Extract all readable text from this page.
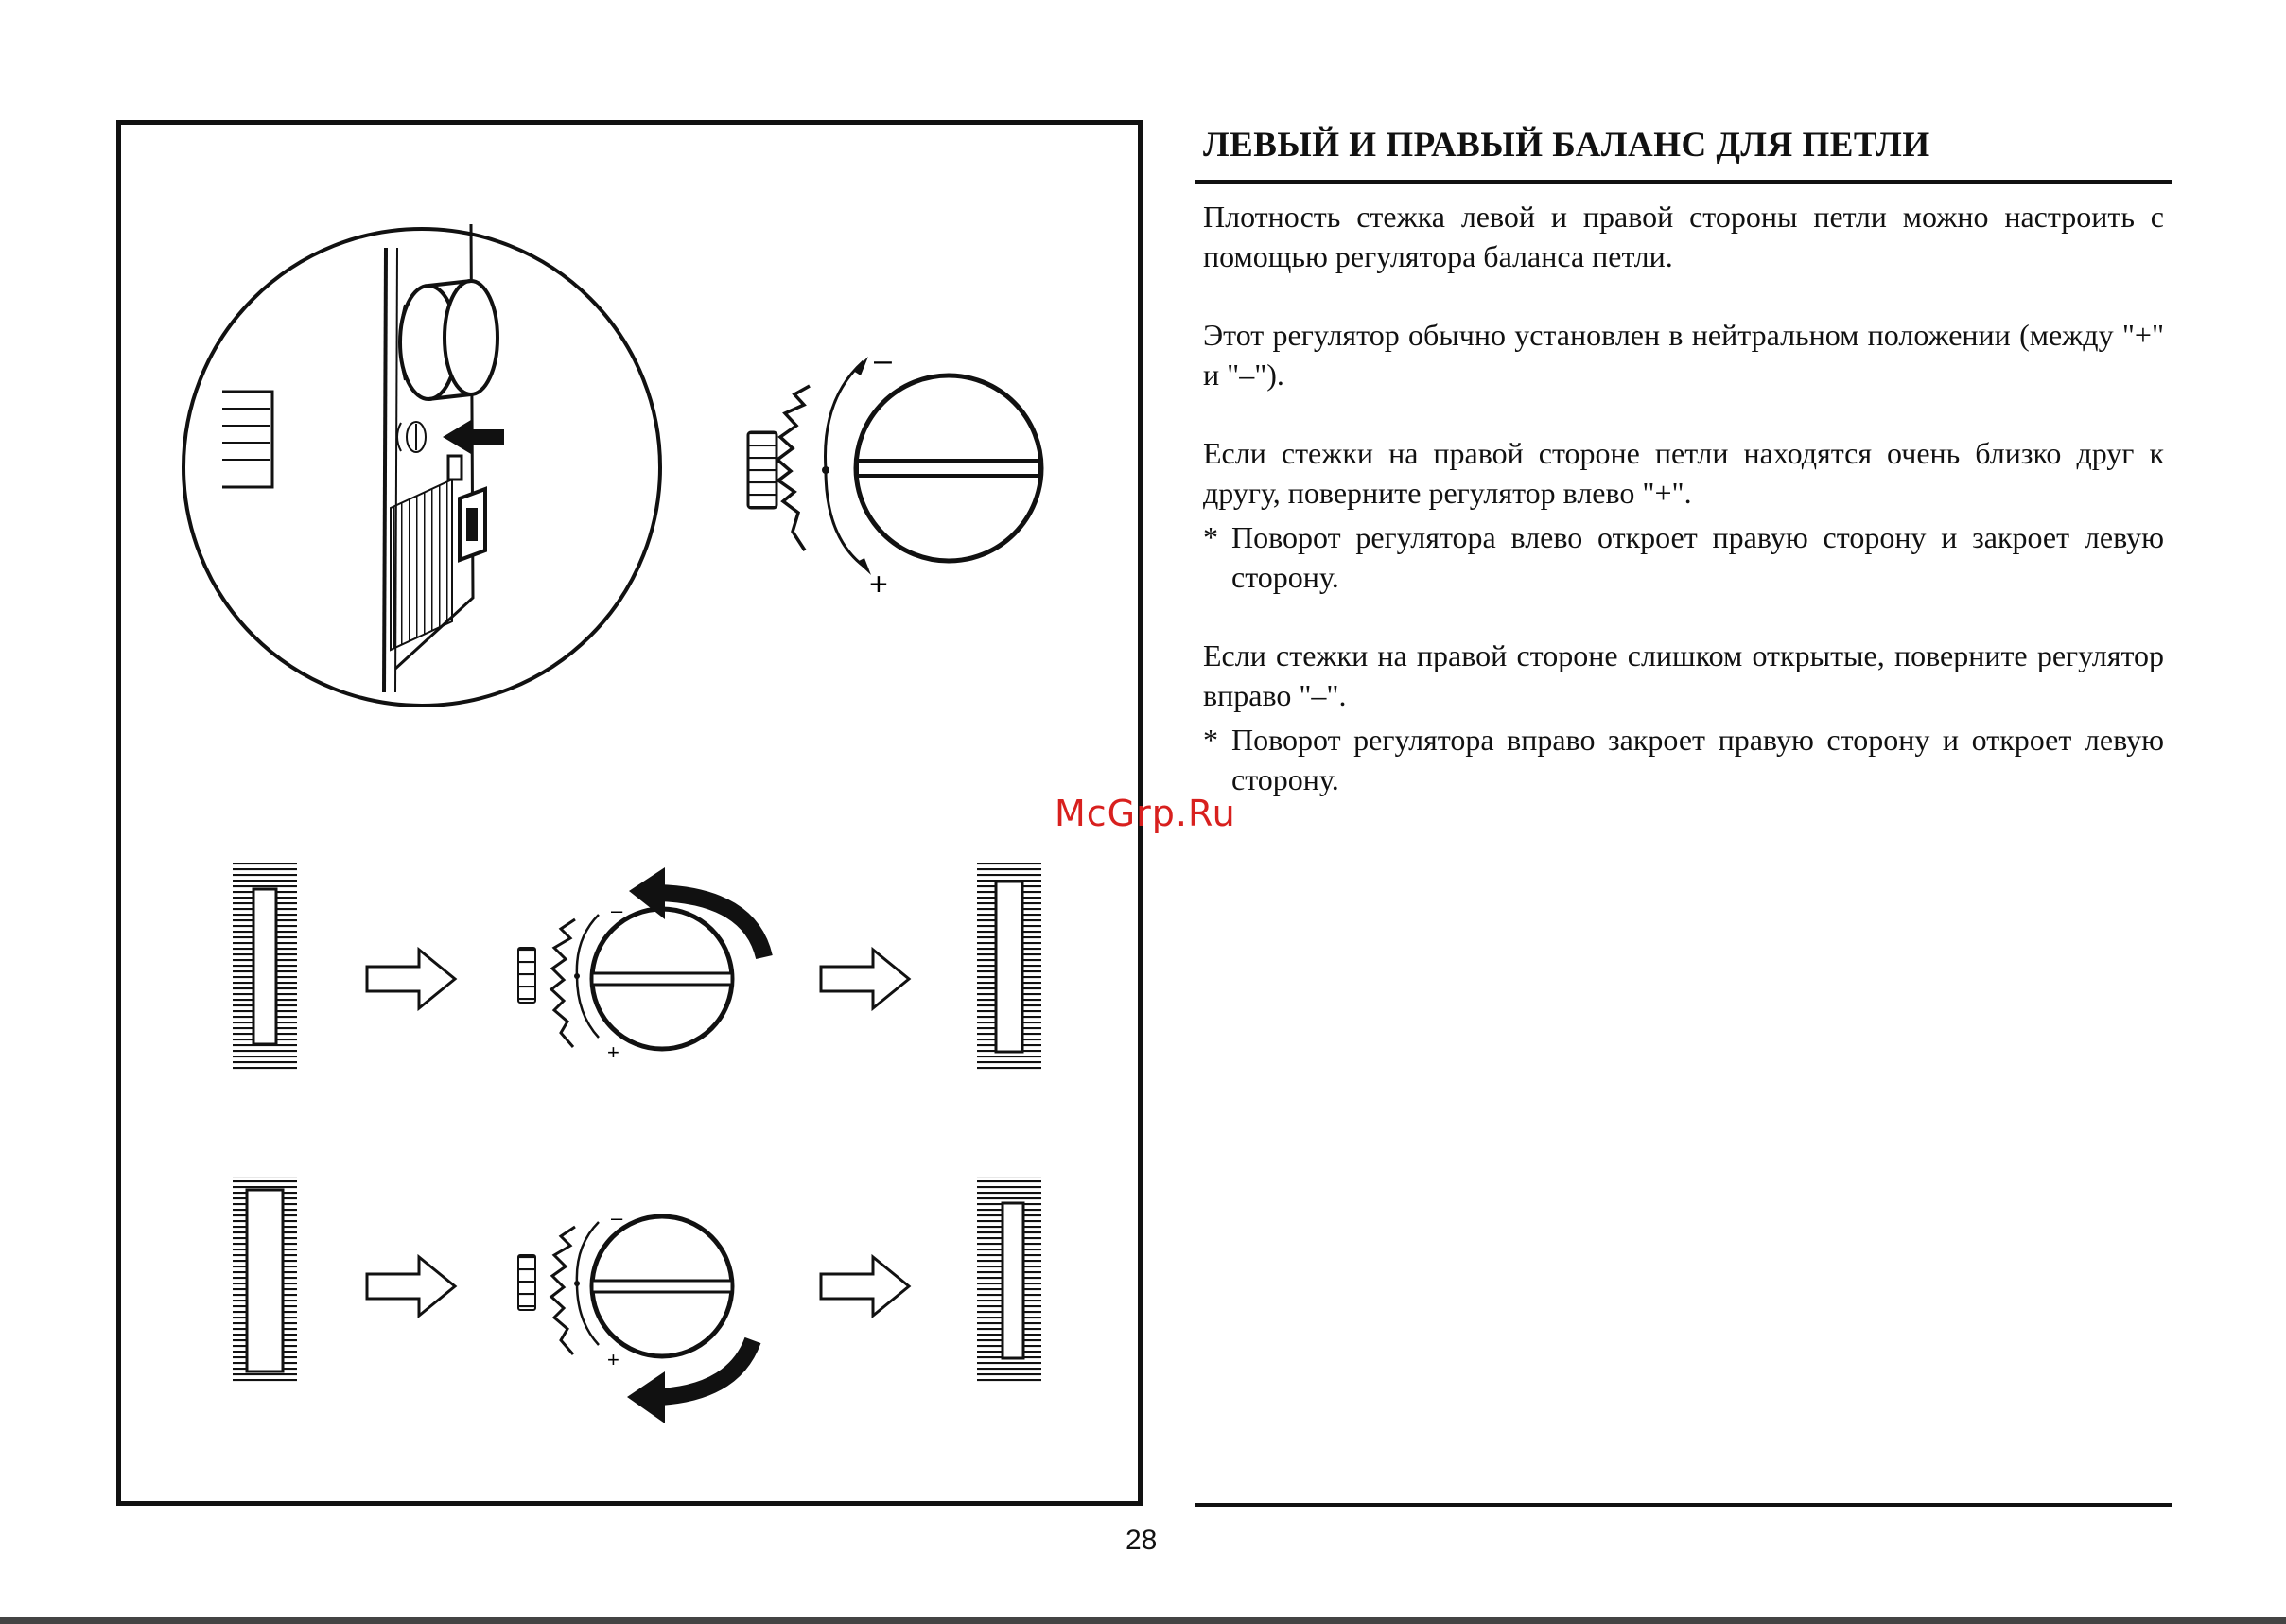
–
+
–
+
–
+
ЛЕВЫЙ И ПРАВЫЙ БАЛАНС ДЛЯ ПЕТЛИ

Плотность стежка левой и правой стороны петли можно настроить с помощью регулятора баланса петли.

Этот регулятор обычно установлен в нейтральном положении (между "+" и "–").

Если стежки на правой стороне петли находятся очень близко друг к другу, поверните регулятор влево "+".

* Поворот регулятора влево откроет правую сторону и закроет левую сторону.

Если стежки на правой стороне слишком открытые, поверните регулятор вправо "–".

* Поворот регулятора вправо закроет правую сторону и откроет левую сторону.
McGrp.Ru
28
